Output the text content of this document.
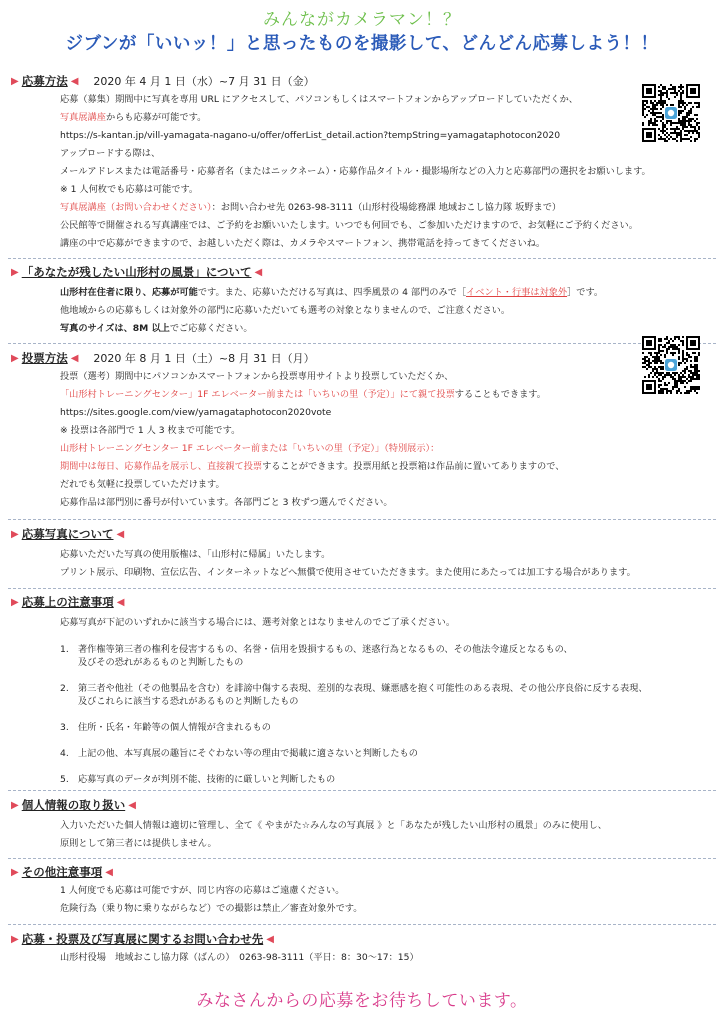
みんながカメラマン！？
ジブンが「いいッ！」と思ったものを撮影して、どんどん応募しよう！！
▶ 応募方法 ◀ 2020 年 4 月 1 日（水）~7 月 31 日（金）

応募（募集）期間中に写真を専用 URL にアクセスして、パソコンもしくはスマートフォンからアップロードしていただくか、

写真展講座からも応募が可能です。

https://s-kantan.jp/vill-yamagata-nagano-u/offer/offerList_detail.action?tempString=yamagataphotocon2020

アップロードする際は、

メールアドレスまたは電話番号・応募者名（またはニックネーム）・応募作品タイトル・撮影場所などの入力と応募部門の選択をお願いします。

※ 1 人何枚でも応募は可能です。

写真展講座（お問い合わせください）：お問い合わせ先 0263-98-3111（山形村役場総務課 地域おこし協力隊 坂野まで）

公民館等で開催される写真講座では、ご予約をお願いいたします。いつでも何回でも、ご参加いただけますので、お気軽にご予約ください。

講座の中で応募ができますので、お越しいただく際は、カメラやスマートフォン、携帯電話を持ってきてくださいね。

▶ 「あなたが残したい山形村の風景」について ◀

山形村在住者に限り、応募が可能です。また、応募いただける写真は、四季風景の 4 部門のみで［イベント・行事は対象外］です。

他地域からの応募もしくは対象外の部門に応募いただいても選考の対象となりませんので、ご注意ください。

写真のサイズは、8M 以上でご応募ください。

▶ 投票方法 ◀ 2020 年 8 月 1 日（土）~8 月 31 日（月）

投票（選考）期間中にパソコンかスマートフォンから投票専用サイトより投票していただくか、

「山形村トレーニングセンター」1F エレベーター前または「いちいの里（予定）」にて親て投票することもできます。

https://sites.google.com/view/yamagataphotocon2020vote

※ 投票は各部門で 1 人 3 枚まで可能です。

山形村トレーニングセンター 1F エレベーター前または「いちいの里（予定）」（特別展示）：

期間中は毎日、応募作品を展示し、直接親て投票することができます。投票用紙と投票箱は作品前に置いてありますので、

だれでも気軽に投票していただけます。

応募作品は部門別に番号が付いています。各部門ごと 3 枚ずつ選んでください。

▶ 応募写真について ◀

応募いただいた写真の使用版権は、「山形村に帰属」いたします。

プリント展示、印刷物、宣伝広告、インターネットなどへ無償で使用させていただきます。また使用にあたっては加工する場合があります。

▶ 応募上の注意事項 ◀

応募写真が下記のいずれかに該当する場合には、選考対象とはなりませんのでご了承ください。

1. 著作権等第三者の権利を侵害するもの、名誉・信用を毀損するもの、迷惑行為となるもの、その他法令違反となるもの、
及びその恐れがあるものと判断したもの
2. 第三者や他社（その他製品を含む）を誹謗中傷する表現、差別的な表現、嫌悪感を抱く可能性のある表現、その他公序良俗に反する表現、
及びこれらに該当する恐れがあるものと判断したもの
3. 住所・氏名・年齢等の個人情報が含まれるもの
4. 上記の他、本写真展の趣旨にそぐわない等の理由で掲載に適さないと判断したもの
5. 応募写真のデータが判別不能、技術的に厳しいと判断したもの
▶ 個人情報の取り扱い ◀

入力いただいた個人情報は適切に管理し、全て《 やまがた☆みんなの写真展 》と「あなたが残したい山形村の風景」のみに使用し、

原則として第三者には提供しません。

▶ その他注意事項 ◀

1 人何度でも応募は可能ですが、同じ内容の応募はご遠慮ください。

危険行為（乗り物に乗りながらなど）での撮影は禁止／審査対象外です。

▶ 応募・投票及び写真展に関するお問い合わせ先 ◀

山形村役場　地域おこし協力隊（ばんの）　0263-98-3111（平日：8：30～17：15）

みなさんからの応募をお待ちしています。
